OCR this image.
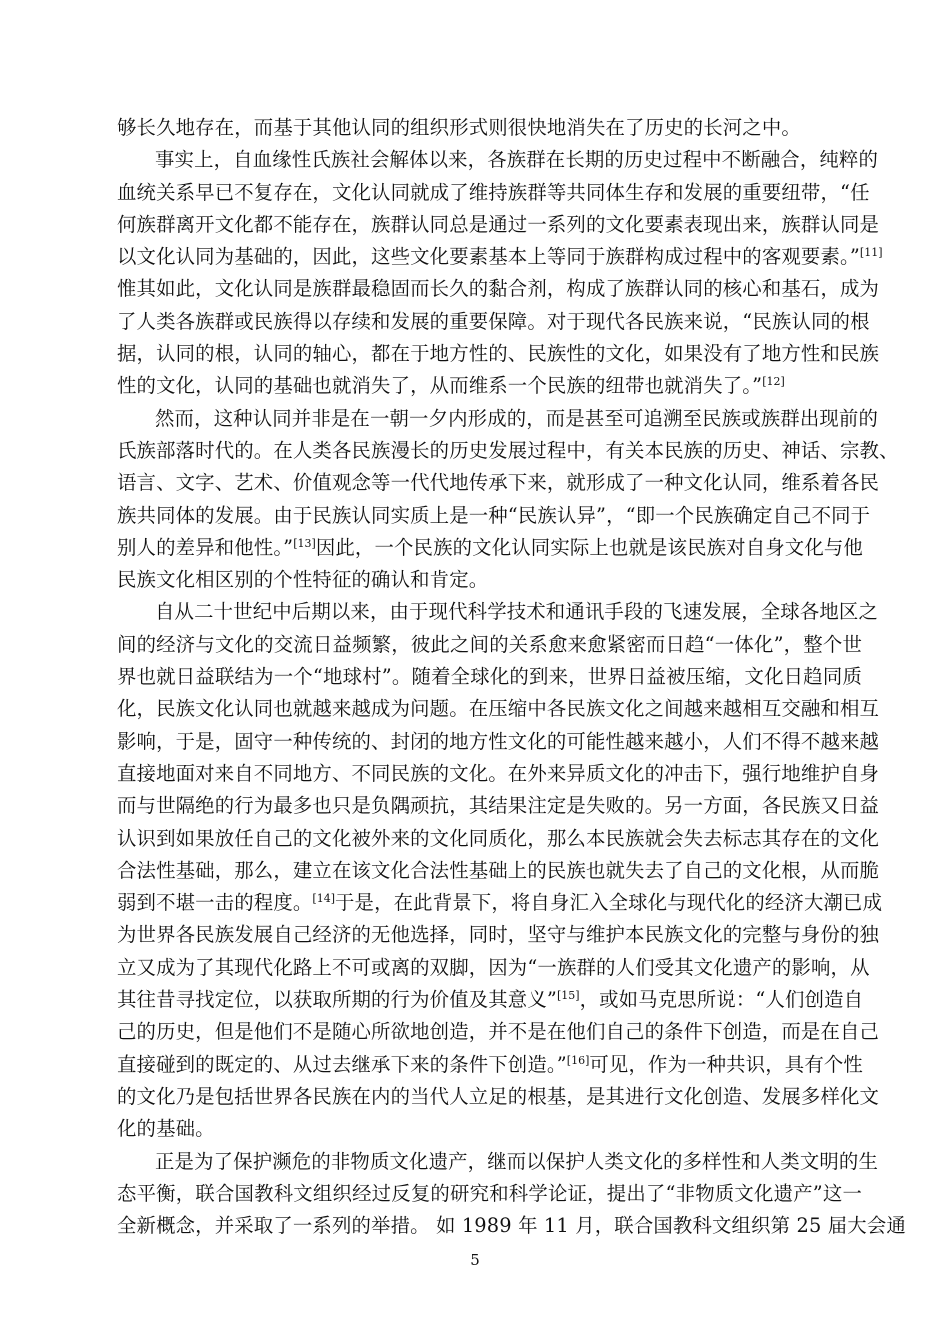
够长久地存在，而基于其他认同的组织形式则很快地消失在了历史的长河之中。
事实上，自血缘性氏族社会解体以来，各族群在长期的历史过程中不断融合，纯粹的
血统关系早已不复存在，文化认同就成了维持族群等共同体生存和发展的重要纽带，“任
何族群离开文化都不能存在，族群认同总是通过一系列的文化要素表现出来，族群认同是
以文化认同为基础的，因此，这些文化要素基本上等同于族群构成过程中的客观要素。”[11]
惟其如此，文化认同是族群最稳固而长久的黏合剂，构成了族群认同的核心和基石，成为
了人类各族群或民族得以存续和发展的重要保障。对于现代各民族来说，“民族认同的根
据，认同的根，认同的轴心，都在于地方性的、民族性的文化，如果没有了地方性和民族
性的文化，认同的基础也就消失了，从而维系一个民族的纽带也就消失了。”[12]
然而，这种认同并非是在一朝一夕内形成的，而是甚至可追溯至民族或族群出现前的
氏族部落时代的。在人类各民族漫长的历史发展过程中，有关本民族的历史、神话、宗教、
语言、文字、艺术、价值观念等一代代地传承下来，就形成了一种文化认同，维系着各民
族共同体的发展。由于民族认同实质上是一种“民族认异”，“即一个民族确定自己不同于
别人的差异和他性。”[13]因此，一个民族的文化认同实际上也就是该民族对自身文化与他
民族文化相区别的个性特征的确认和肯定。
自从二十世纪中后期以来，由于现代科学技术和通讯手段的飞速发展，全球各地区之
间的经济与文化的交流日益频繁，彼此之间的关系愈来愈紧密而日趋“一体化”，整个世
界也就日益联结为一个“地球村”。随着全球化的到来，世界日益被压缩，文化日趋同质
化，民族文化认同也就越来越成为问题。在压缩中各民族文化之间越来越相互交融和相互
影响，于是，固守一种传统的、封闭的地方性文化的可能性越来越小，人们不得不越来越
直接地面对来自不同地方、不同民族的文化。在外来异质文化的冲击下，强行地维护自身
而与世隔绝的行为最多也只是负隅顽抗，其结果注定是失败的。另一方面，各民族又日益
认识到如果放任自己的文化被外来的文化同质化，那么本民族就会失去标志其存在的文化
合法性基础，那么，建立在该文化合法性基础上的民族也就失去了自己的文化根，从而脆
弱到不堪一击的程度。[14]于是，在此背景下，将自身汇入全球化与现代化的经济大潮已成
为世界各民族发展自己经济的无他选择，同时，坚守与维护本民族文化的完整与身份的独
立又成为了其现代化路上不可或离的双脚，因为“一族群的人们受其文化遗产的影响，从
其往昔寻找定位，以获取所期的行为价值及其意义”[15]，或如马克思所说：“人们创造自
己的历史，但是他们不是随心所欲地创造，并不是在他们自己的条件下创造，而是在自己
直接碰到的既定的、从过去继承下来的条件下创造。”[16]可见，作为一种共识，具有个性
的文化乃是包括世界各民族在内的当代人立足的根基，是其进行文化创造、发展多样化文
化的基础。
正是为了保护濒危的非物质文化遗产，继而以保护人类文化的多样性和人类文明的生
态平衡，联合国教科文组织经过反复的研究和科学论证，提出了“非物质文化遗产”这一
全新概念，并采取了一系列的举措。 如 1989 年 11 月，联合国教科文组织第 25 届大会通
5
